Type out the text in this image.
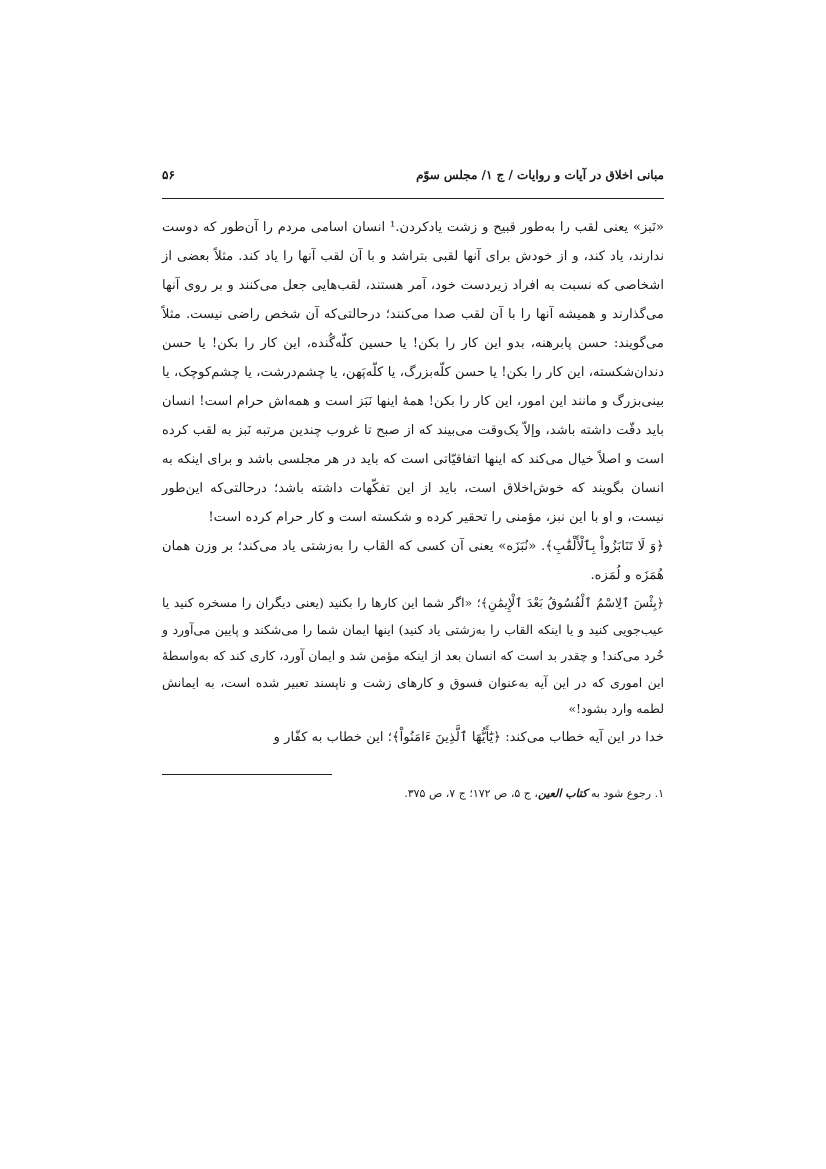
مبانی اخلاق در آیات و روایات / ج ۱/ مجلس سوّم
۵۶

«نَبز» یعنی لقب را به‌طور قبیح و زشت یادکردن.¹ انسان اسامی مردم را آن‌طور که دوست ندارند، یاد کند، و از خودش برای آنها لقبی بتراشد و با آن لقب آنها را یاد کند. مثلاً بعضی از اشخاصی که نسبت به افراد زیردست خود، آمر هستند، لقب‌هایی جعل می‌کنند و بر روی آنها می‌گذارند و همیشه آنها را با آن لقب صدا می‌کنند؛ درحالتی‌که آن شخص راضی نیست. مثلاً می‌گویند: حسن پابرهنه، بدو این کار را بکن! یا حسین کلّه‌گُنده، این کار را بکن! یا حسن دندان‌شکسته، این کار را بکن! یا حسن کلّه‌بزرگ، یا کلّه‌پَهن، یا چشم‌درشت، یا چشم‌کوچک، یا بینی‌بزرگ و مانند این امور، این کار را بکن! همهٔ اینها نَبَز است و همه‌اش حرام است! انسان باید دقّت داشته باشد، وإلاّ یک‌وقت می‌بیند که از صبح تا غروب چندین مرتبه نَبز به لقب کرده است و اصلاً خیال می‌کند که اینها اتفاقیّاتی است که باید در هر مجلسی باشد و برای اینکه به انسان بگویند که خوش‌اخلاق است، باید از این تفکّهات داشته باشد؛ درحالتی‌که این‌طور نیست، و او با این نبز، مؤمنی را تحقیر کرده و شکسته است و کار حرام کرده است!

﴿وَ لَا تَنَابَزُواْ بِٱلْأَلْقَٰبِ﴾. «نُبَزَه» یعنی آن کسی که القاب را به‌زشتی یاد می‌کند؛ بر وزن همان هُمَزَه و لُمَزه.

﴿بِئْسَ ٱلِاسْمُ ٱلْفُسُوقُ بَعْدَ ٱلْإِيمَٰنِ﴾؛ «اگر شما این کارها را بکنید (یعنی دیگران را مسخره کنید یا عیب‌جویی کنید و یا اینکه القاب را به‌زشتی یاد کنید) اینها ایمان شما را می‌شکند و پایین می‌آورد و خُرد می‌کند! و چقدر بد است که انسان بعد از اینکه مؤمن شد و ایمان آورد، کاری کند که به‌واسطهٔ این اموری که در این آیه به‌عنوان فسوق و کارهای زشت و ناپسند تعبیر شده است، به ایمانش لطمه وارد بشود!»

خدا در این آیه خطاب می‌کند: ﴿يَٰٓأَيُّهَا ٱلَّذِينَ ءَامَنُواْ﴾؛ این خطاب به کفّار و

۱. رجوع شود به کتاب العین، ج ۵، ص ۱۷۲؛ ج ۷، ص ۳۷۵.
